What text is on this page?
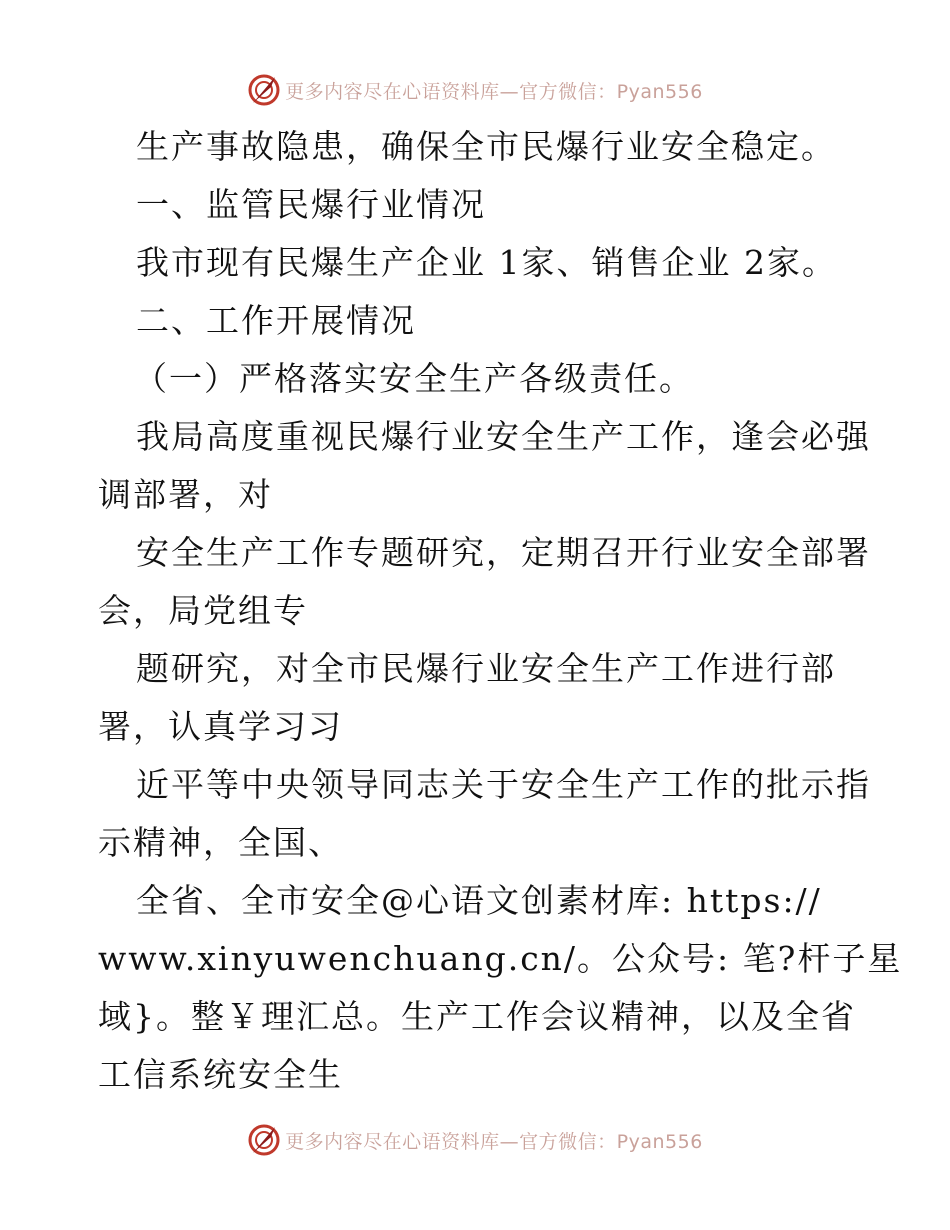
更多内容尽在心语资料库—官方微信：Pyan556
生产事故隐患，确保全市民爆行业安全稳定。
一、监管民爆行业情况
我市现有民爆生产企业 1家、销售企业 2家。
二、工作开展情况
（一）严格落实安全生产各级责任。
我局高度重视民爆行业安全生产工作，逢会必强
调部署，对
安全生产工作专题研究，定期召开行业安全部署
会，局党组专
题研究，对全市民爆行业安全生产工作进行部
署，认真学习习
近平等中央领导同志关于安全生产工作的批示指
示精神，全国、
全省、全市安全@心语文创素材库: https://
www.xinyuwenchuang.cn/。公众号: 笔?杆子星
域}。整￥理汇总。生产工作会议精神，以及全省
工信系统安全生
更多内容尽在心语资料库—官方微信：Pyan556
